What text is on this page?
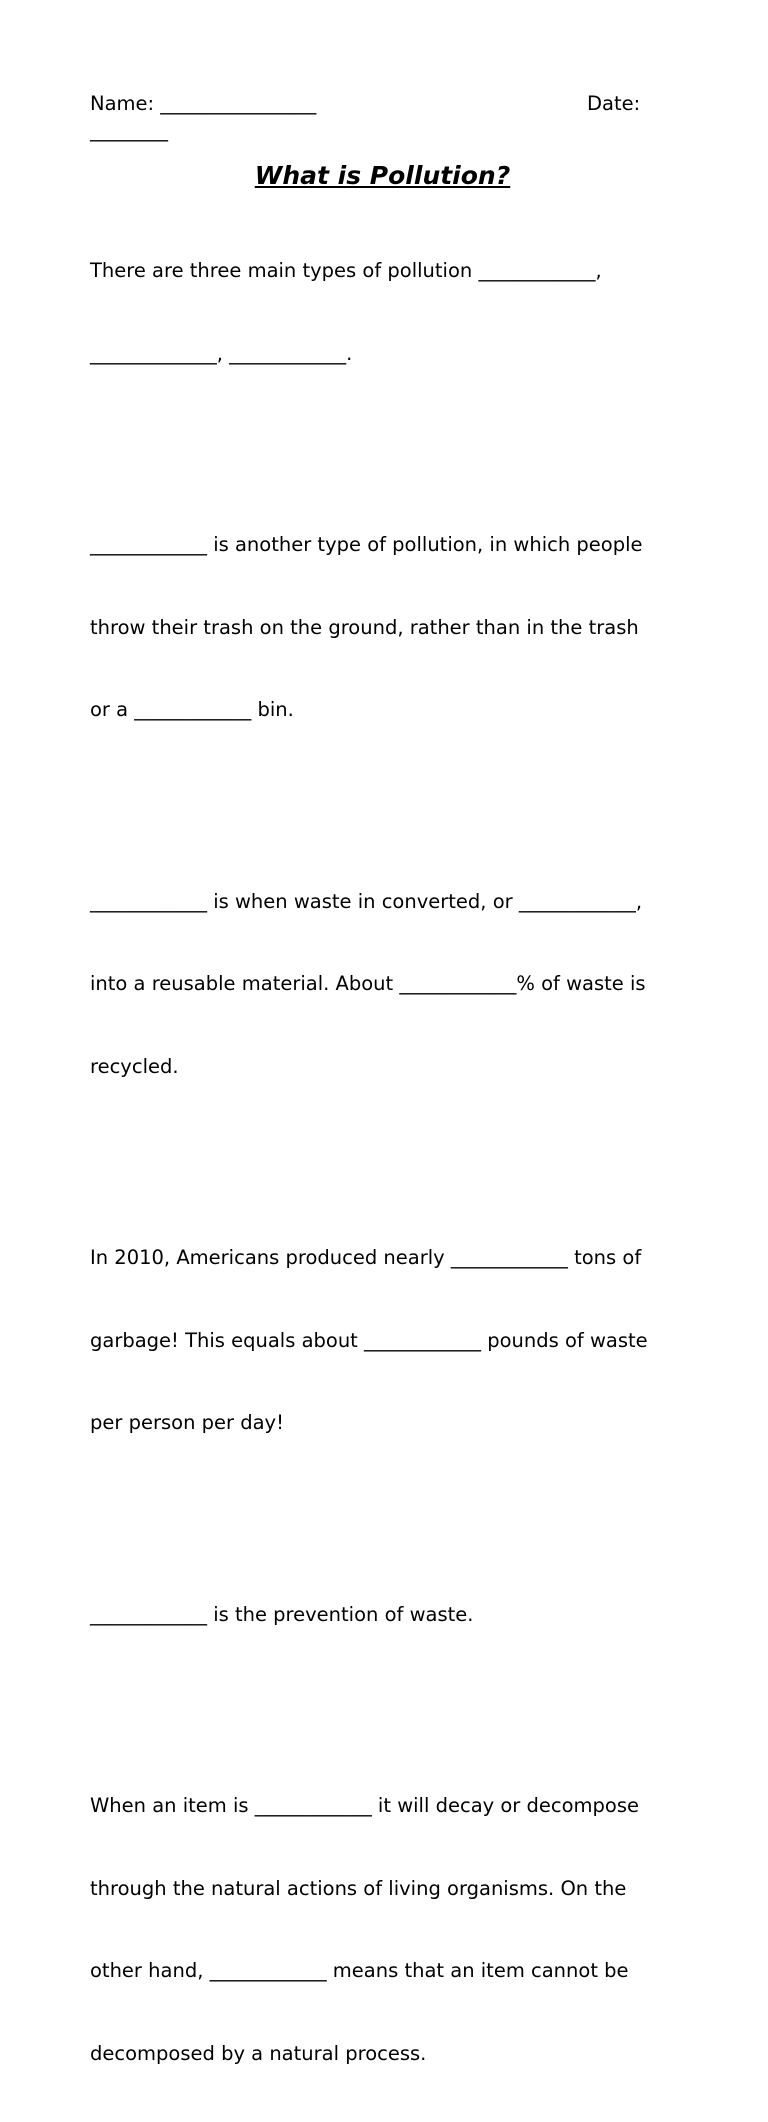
Name: ________________	Date:
________
What is Pollution?

There are three main types of pollution ____________,

_____________, ____________.

____________ is another type of pollution, in which people

throw their trash on the ground, rather than in the trash

or a ____________ bin.

____________ is when waste in converted, or ____________,

into a reusable material. About ____________% of waste is

recycled.

In 2010, Americans produced nearly ____________ tons of

garbage! This equals about ____________ pounds of waste

per person per day!

____________ is the prevention of waste.

When an item is ____________ it will decay or decompose

through the natural actions of living organisms. On the

other hand, ____________ means that an item cannot be

decomposed by a natural process.
